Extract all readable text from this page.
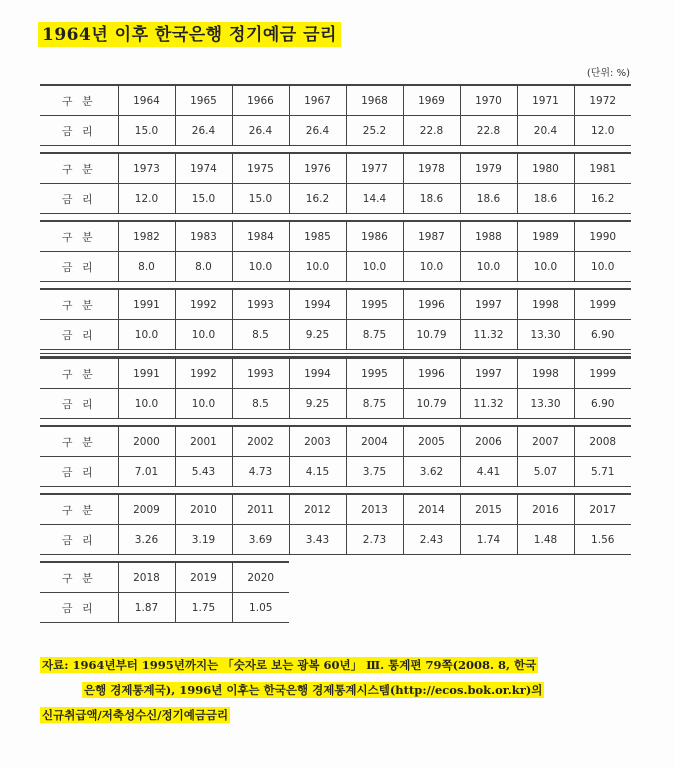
1964년 이후 한국은행 정기예금 금리
(단위: %)
구 분	1964	1965	1966	1967	1968	1969	1970	1971	1972
금 리	15.0	26.4	26.4	26.4	25.2	22.8	22.8	20.4	12.0
구 분	1973	1974	1975	1976	1977	1978	1979	1980	1981
금 리	12.0	15.0	15.0	16.2	14.4	18.6	18.6	18.6	16.2
구 분	1982	1983	1984	1985	1986	1987	1988	1989	1990
금 리	8.0	8.0	10.0	10.0	10.0	10.0	10.0	10.0	10.0
구 분	1991	1992	1993	1994	1995	1996	1997	1998	1999
금 리	10.0	10.0	8.5	9.25	8.75	10.79	11.32	13.30	6.90
구 분	1991	1992	1993	1994	1995	1996	1997	1998	1999
금 리	10.0	10.0	8.5	9.25	8.75	10.79	11.32	13.30	6.90
구 분	2000	2001	2002	2003	2004	2005	2006	2007	2008
금 리	7.01	5.43	4.73	4.15	3.75	3.62	4.41	5.07	5.71
구 분	2009	2010	2011	2012	2013	2014	2015	2016	2017
금 리	3.26	3.19	3.69	3.43	2.73	2.43	1.74	1.48	1.56
구 분	2018	2019	2020
금 리	1.87	1.75	1.05
자료: 1964년부터 1995년까지는 「숫자로 보는 광복 60년」 Ⅲ. 통계편 79쪽(2008. 8, 한국
은행 경제통계국), 1996년 이후는 한국은행 경제통계시스템(http://ecos.bok.or.kr)의
신규취급액/저축성수신/정기예금금리
